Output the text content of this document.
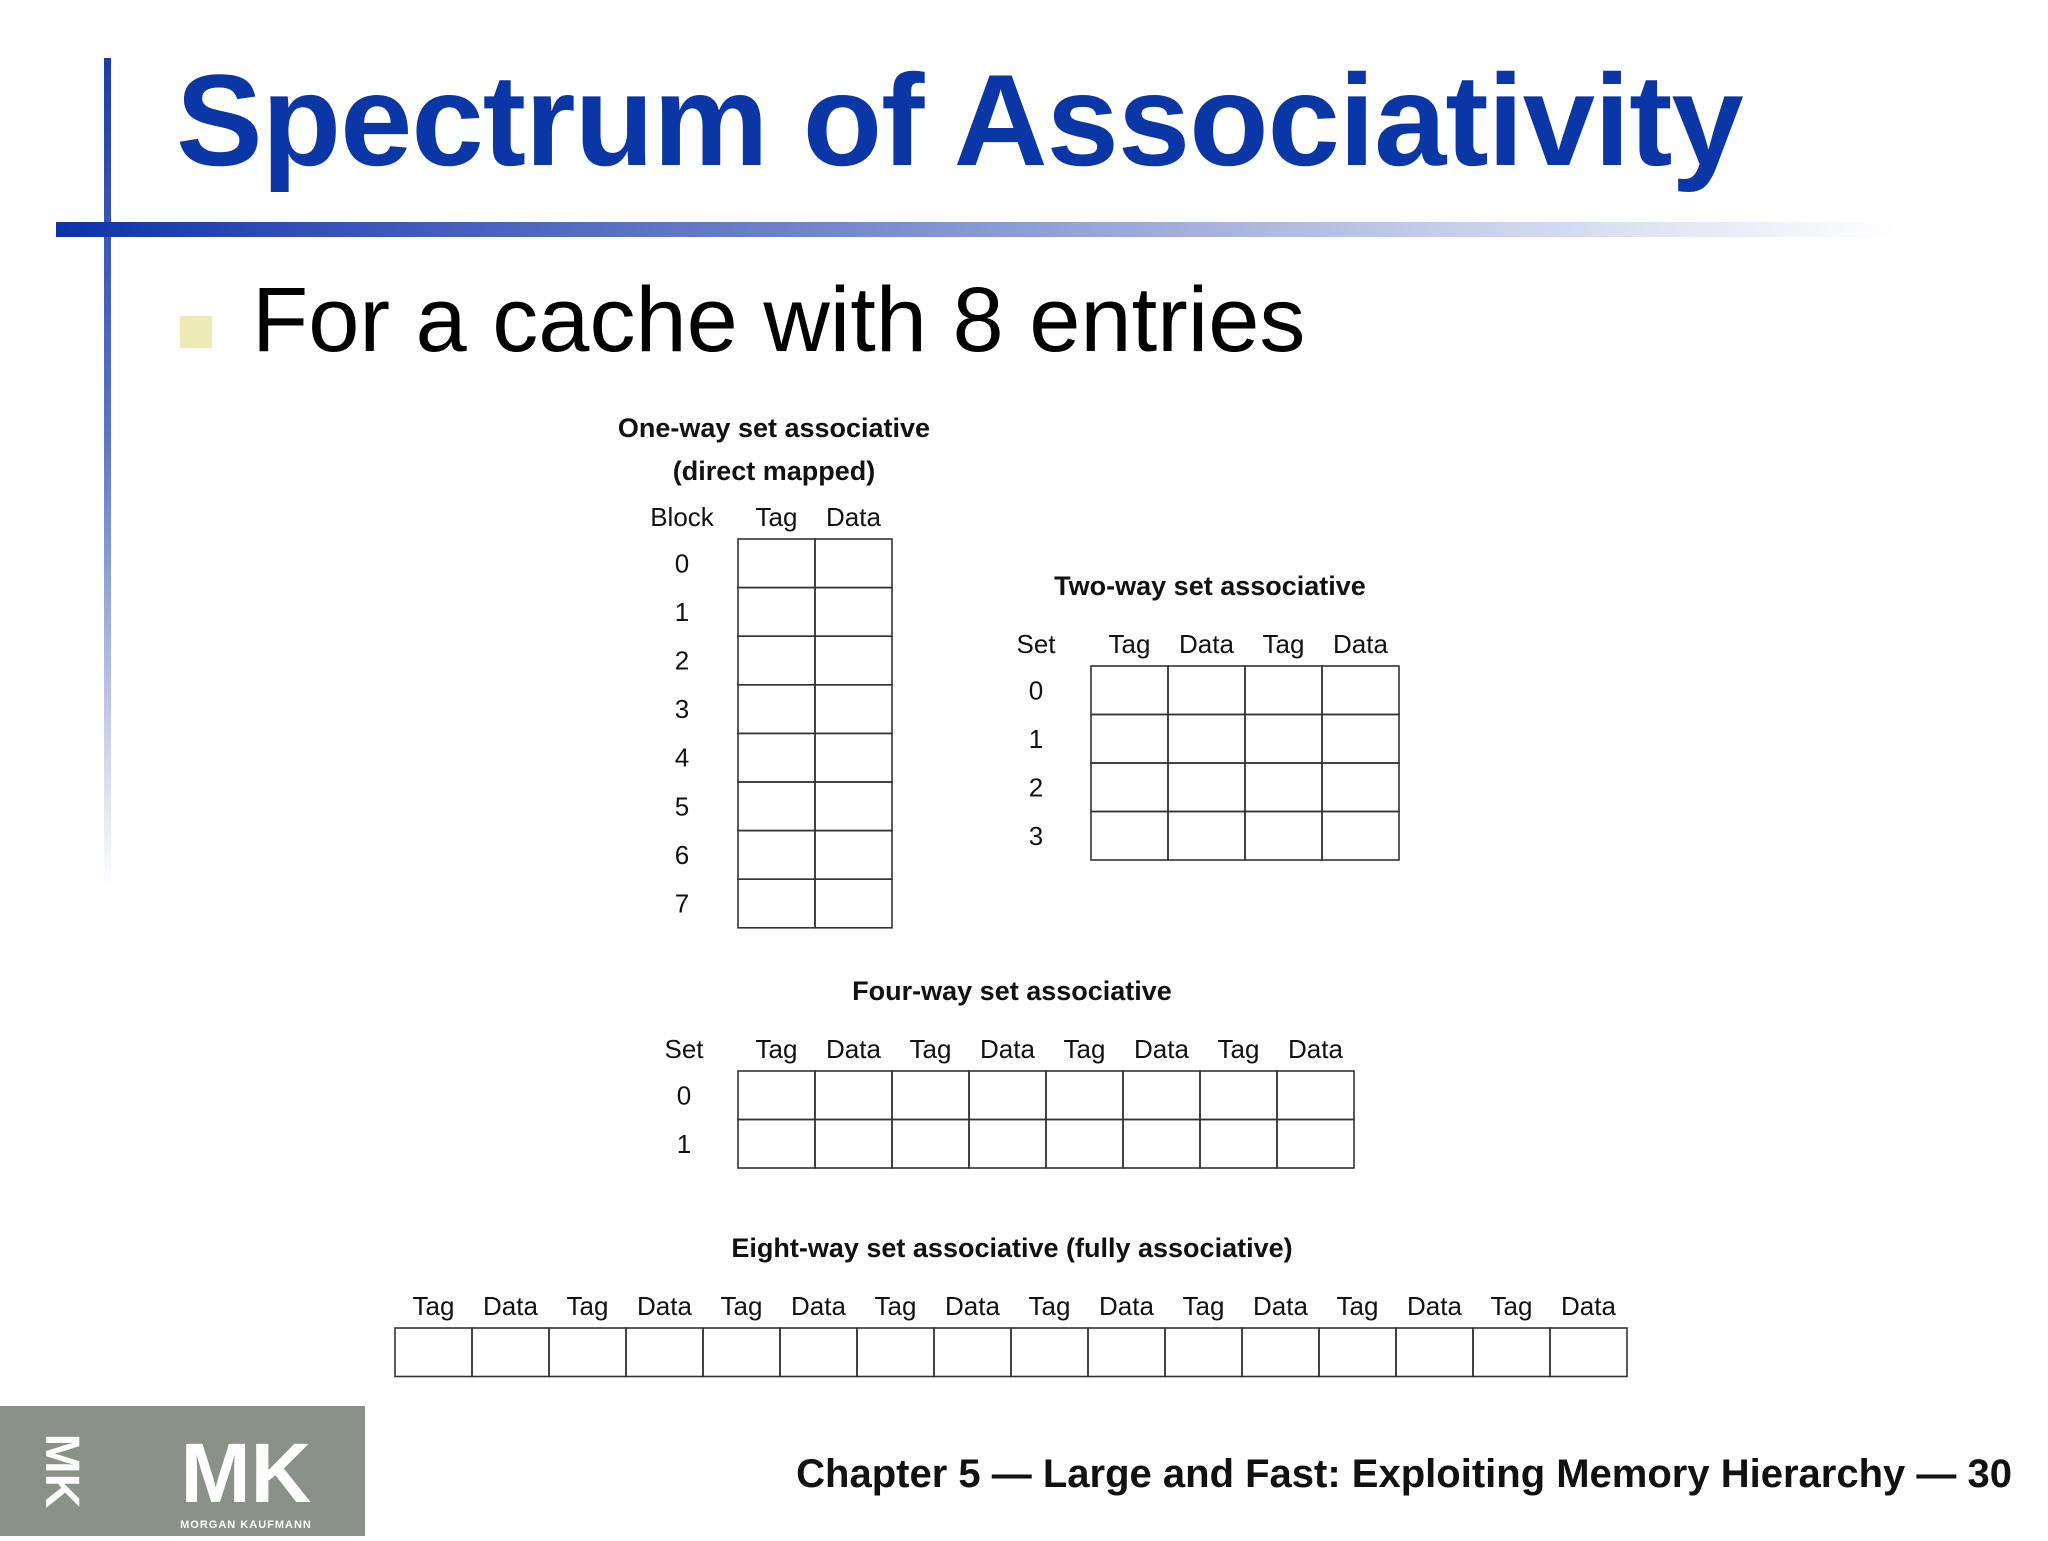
Spectrum of Associativity

For a cache with 8 entries

One-way set associative
(direct mapped)
Tag Data
Block
0
1
2
3
4
5
6
7
Two-way set associative
Tag Data Tag Data
Set
0
1
2
3
Four-way set associative
Tag Data Tag Data Tag Data Tag Data
Set
0
1
Eight-way set associative (fully associative)
Tag Data Tag Data Tag Data Tag Data Tag Data Tag Data Tag Data Tag Data
MK MK
MORGAN KAUFMANN

Chapter 5 — Large and Fast: Exploiting Memory Hierarchy — 30
